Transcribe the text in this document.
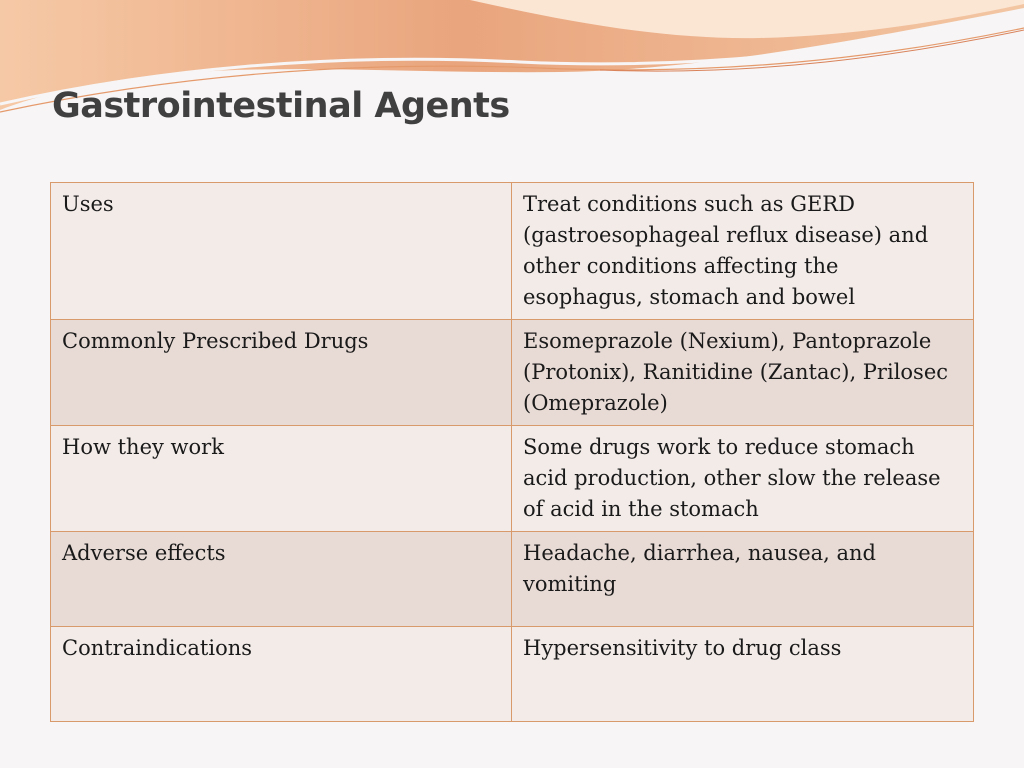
Gastrointestinal Agents
Uses	Treat conditions such as GERD (gastroesophageal reflux disease) and other conditions affecting the esophagus, stomach and bowel
Commonly Prescribed Drugs	Esomeprazole (Nexium), Pantoprazole (Protonix), Ranitidine (Zantac), Prilosec (Omeprazole)
How they work	Some drugs work to reduce stomach acid production, other slow the release of acid in the stomach
Adverse effects	Headache, diarrhea, nausea, and vomiting
Contraindications	Hypersensitivity to drug class
